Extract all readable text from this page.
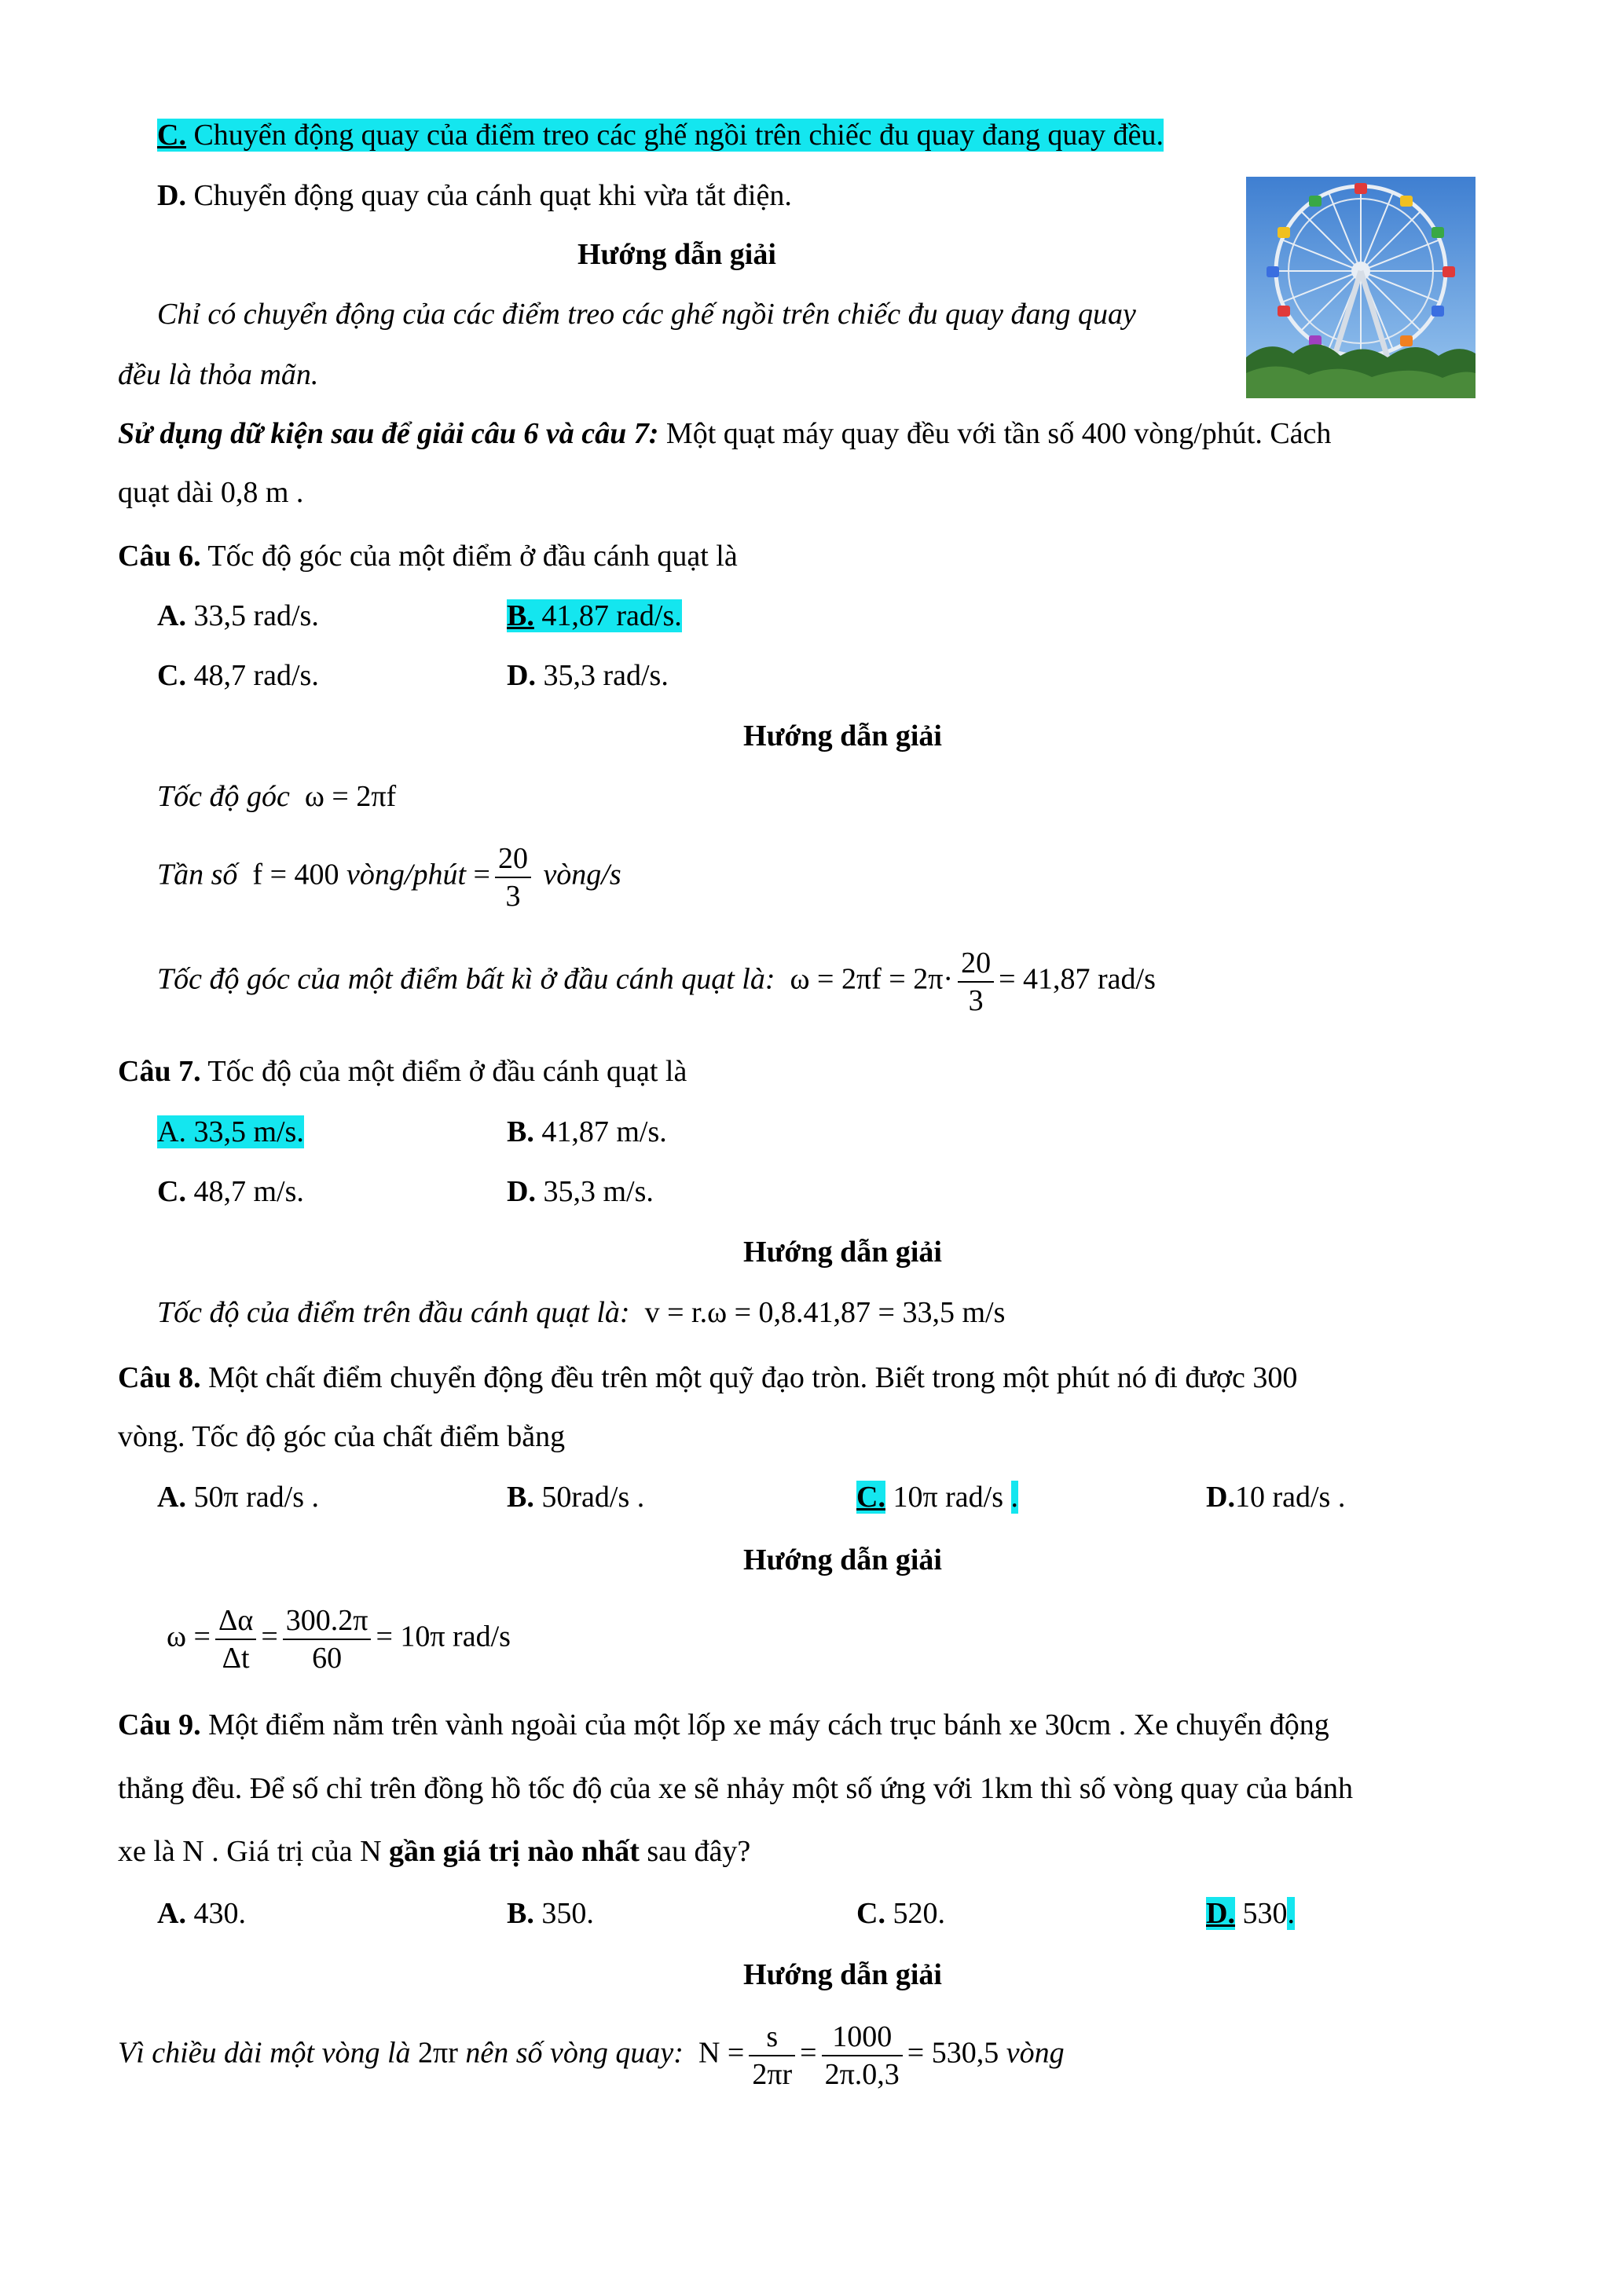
C. Chuyển động quay của điểm treo các ghế ngồi trên chiếc đu quay đang quay đều.
D. Chuyển động quay của cánh quạt khi vừa tắt điện.
Hướng dẫn giải
Chỉ có chuyển động của các điểm treo các ghế ngồi trên chiếc đu quay đang quay
đều là thỏa mãn.
Sử dụng dữ kiện sau để giải câu 6 và câu 7: Một quạt máy quay đều với tần số 400 vòng/phút. Cách
quạt dài 0,8 m .
Câu 6. Tốc độ góc của một điểm ở đầu cánh quạt là
A. 33,5 rad/s.	B. 41,87 rad/s.
C. 48,7 rad/s.	D. 35,3 rad/s.
Hướng dẫn giải
Tốc độ góc ω = 2πf
Tần số f = 400 vòng/phút = $\frac{20}{3}$ vòng/s
Tốc độ góc của một điểm bất kì ở đầu cánh quạt là: $\omega = 2\pi f = 2\pi\cdot \frac{20}{3} = 41,87$ rad/s
Câu 7. Tốc độ của một điểm ở đầu cánh quạt là
A. 33,5 m/s.	B. 41,87 m/s.
C. 48,7 m/s.	D. 35,3 m/s.
Hướng dẫn giải
Tốc độ của điểm trên đầu cánh quạt là: v = r.ω = 0,8.41,87 = 33,5 m/s
Câu 8. Một chất điểm chuyển động đều trên một quỹ đạo tròn. Biết trong một phút nó đi được 300
vòng. Tốc độ góc của chất điểm bằng
A. 50π rad/s .	B. 50rad/s .	C. 10π rad/s .	D.10 rad/s .
Hướng dẫn giải
$\omega = \frac{\Delta\alpha}{\Delta t} = \frac{300.2\pi}{60} = 10\pi$ rad/s
Câu 9. Một điểm nằm trên vành ngoài của một lốp xe máy cách trục bánh xe 30cm . Xe chuyển động
thẳng đều. Để số chỉ trên đồng hồ tốc độ của xe sẽ nhảy một số ứng với 1km thì số vòng quay của bánh
xe là N . Giá trị của N gần giá trị nào nhất sau đây?
A. 430.	B. 350.	C. 520.	D. 530.
Hướng dẫn giải
Vì chiều dài một vòng là 2πr nên số vòng quay: $N = \frac{s}{2\pi r} = \frac{1000}{2\pi.0,3} = 530,5$ vòng
